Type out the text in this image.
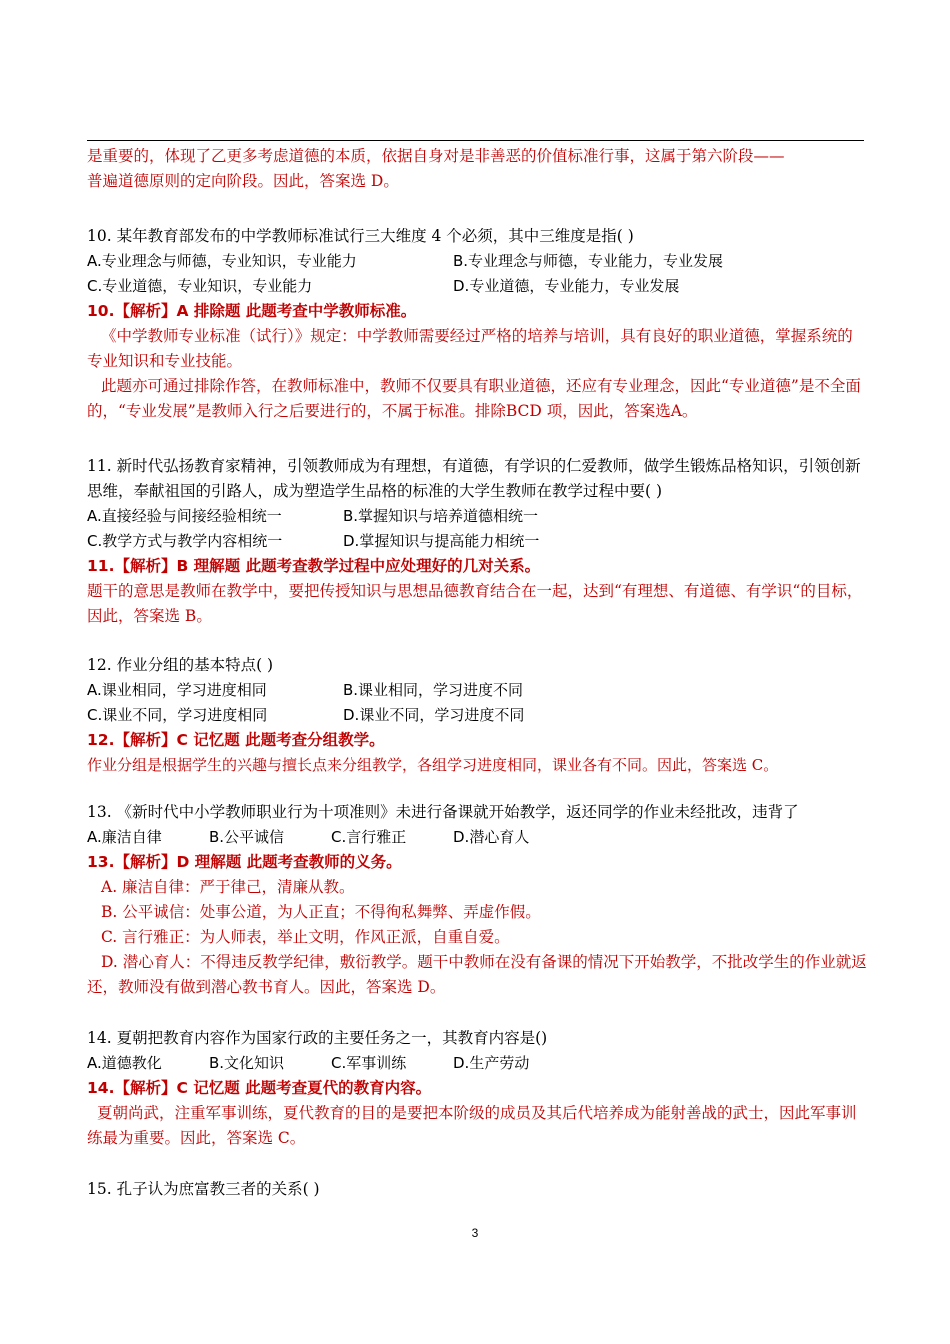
是重要的，体现了乙更多考虑道德的本质，依据自身对是非善恶的价值标准行事，这属于第六阶段——
普遍道德原则的定向阶段。因此，答案选 D。
10. 某年教育部发布的中学教师标准试行三大维度 4 个必须，其中三维度是指( )
A.专业理念与师德，专业知识，专业能力	B.专业理念与师德，专业能力，专业发展
C.专业道德，专业知识，专业能力	D.专业道德，专业能力，专业发展
10.【解析】A 排除题 此题考查中学教师标准。
《中学教师专业标准（试行）》规定：中学教师需要经过严格的培养与培训，具有良好的职业道德，掌握系统的专业知识和专业技能。
此题亦可通过排除作答，在教师标准中，教师不仅要具有职业道德，还应有专业理念，因此“专业道德”是不全面的，“专业发展”是教师入行之后要进行的，不属于标准。排除BCD 项，因此，答案选A。
11. 新时代弘扬教育家精神，引领教师成为有理想，有道德，有学识的仁爱教师，做学生锻炼品格知识，引领创新思维，奉献祖国的引路人，成为塑造学生品格的标准的大学生教师在教学过程中要( )
A.直接经验与间接经验相统一	B.掌握知识与培养道德相统一
C.教学方式与教学内容相统一	D.掌握知识与提高能力相统一
11.【解析】B 理解题 此题考查教学过程中应处理好的几对关系。
题干的意思是教师在教学中，要把传授知识与思想品德教育结合在一起，达到“有理想、有道德、有学识“的目标，因此，答案选 B。
12. 作业分组的基本特点( )
A.课业相同，学习进度相同	B.课业相同，学习进度不同
C.课业不同，学习进度相同	D.课业不同，学习进度不同
12.【解析】C 记忆题 此题考查分组教学。
作业分组是根据学生的兴趣与擅长点来分组教学，各组学习进度相同，课业各有不同。因此，答案选 C。
13. 《新时代中小学教师职业行为十项准则》未进行备课就开始教学，返还同学的作业未经批改，违背了
A.廉洁自律	B.公平诚信	C.言行雅正	D.潜心育人
13.【解析】D 理解题 此题考查教师的义务。
A. 廉洁自律：严于律己，清廉从教。
B. 公平诚信：处事公道，为人正直；不得徇私舞弊、弄虚作假。
C. 言行雅正：为人师表，举止文明，作风正派，自重自爱。
D. 潜心育人：不得违反教学纪律，敷衍教学。题干中教师在没有备课的情况下开始教学，不批改学生的作业就返还，教师没有做到潜心教书育人。因此，答案选 D。
14. 夏朝把教育内容作为国家行政的主要任务之一，其教育内容是()
A.道德教化	B.文化知识	C.军事训练	D.生产劳动
14.【解析】C 记忆题 此题考查夏代的教育内容。
夏朝尚武，注重军事训练，夏代教育的目的是要把本阶级的成员及其后代培养成为能射善战的武士，因此军事训练最为重要。因此，答案选 C。
15. 孔子认为庶富教三者的关系( )
3
